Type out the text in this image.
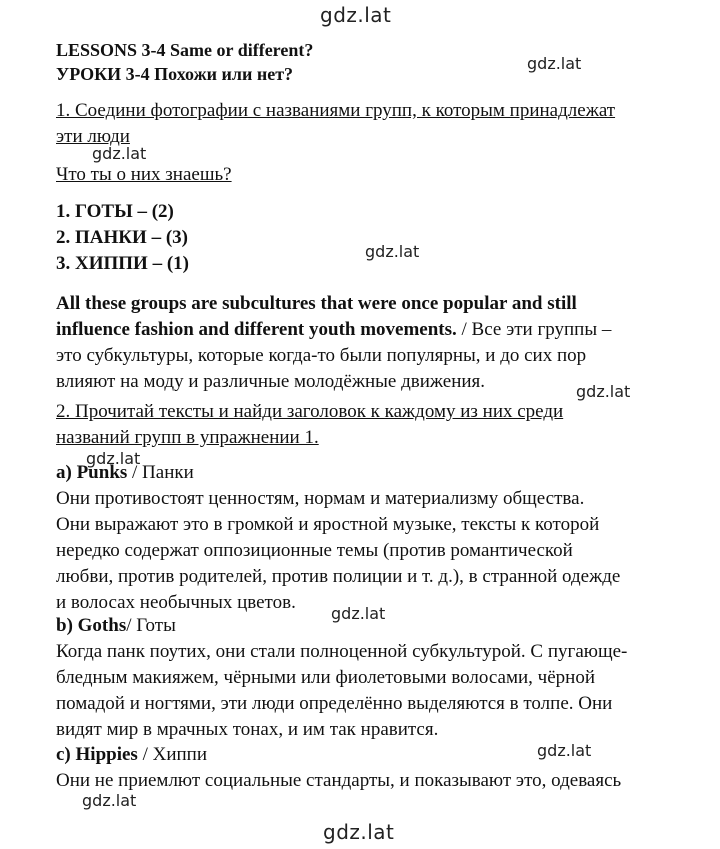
gdz.lat
gdz.lat
gdz.lat
gdz.lat
gdz.lat
gdz.lat
gdz.lat
gdz.lat
gdz.lat
gdz.lat

LESSONS 3-4 Same or different?

УРОКИ 3-4 Похожи или нет?

1. Соедини фотографии с названиями групп, к которым принадлежат

эти люди

Что ты о них знаешь?

1. ГОТЫ – (2)

2. ПАНКИ – (3)

3. ХИППИ – (1)

All these groups are subcultures that were once popular and still

influence fashion and different youth movements. / Все эти группы –

это субкультуры, которые когда-то были популярны, и до сих пор

влияют на моду и различные молодёжные движения.

2. Прочитай тексты и найди заголовок к каждому из них среди

названий групп в упражнении 1.

a) Punks / Панки

Они противостоят ценностям, нормам и материализму общества.

Они выражают это в громкой и яростной музыке, тексты к которой

нередко содержат оппозиционные темы (против романтической

любви, против родителей, против полиции и т. д.), в странной одежде

и волосах необычных цветов.

b) Goths/ Готы

Когда панк поутих, они стали полноценной субкультурой. С пугающе-

бледным макияжем, чёрными или фиолетовыми волосами, чёрной

помадой и ногтями, эти люди определённо выделяются в толпе. Они

видят мир в мрачных тонах, и им так нравится.

c) Hippies / Хиппи

Они не приемлют социальные стандарты, и показывают это, одеваясь
